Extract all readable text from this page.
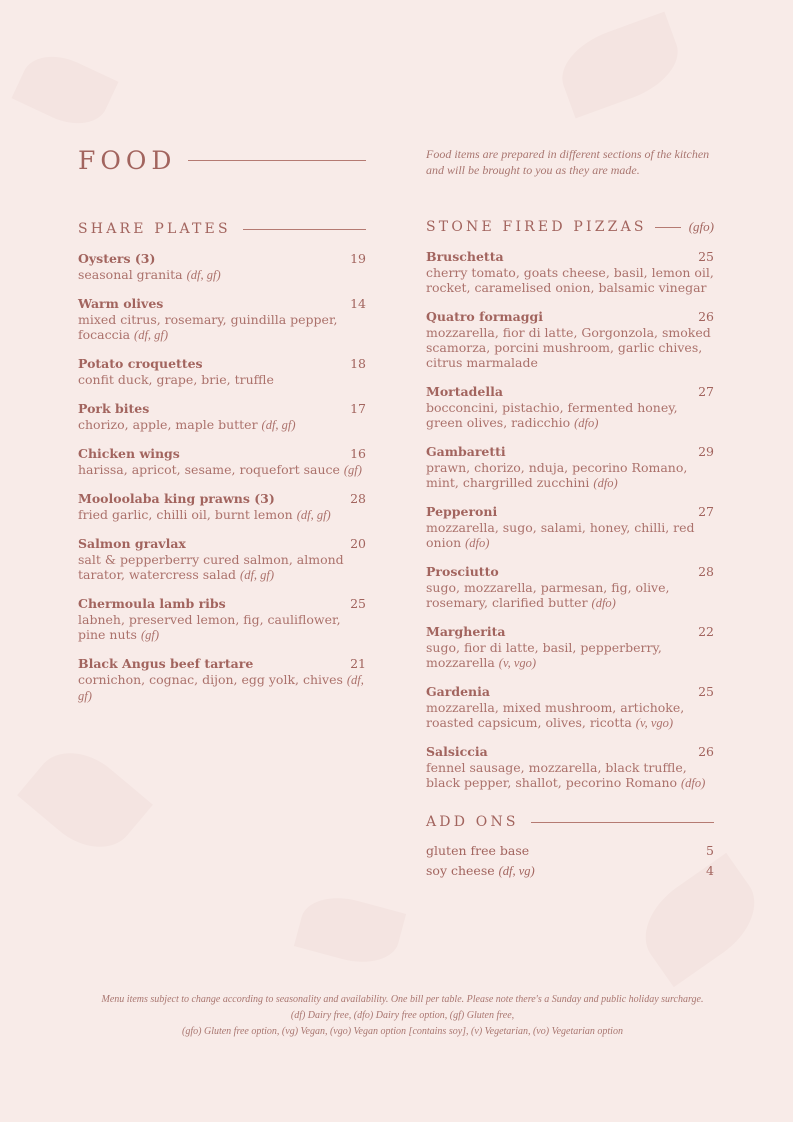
FOOD
SHARE PLATES
Oysters (3)	19
seasonal granita (df, gf)
Warm olives	14
mixed citrus, rosemary, guindilla pepper, focaccia (df, gf)
Potato croquettes	18
confit duck, grape, brie, truffle
Pork bites	17
chorizo, apple, maple butter (df, gf)
Chicken wings	16
harissa, apricot, sesame, roquefort sauce (gf)
Mooloolaba king prawns (3)	28
fried garlic, chilli oil, burnt lemon (df, gf)
Salmon gravlax	20
salt & pepperberry cured salmon, almond tarator, watercress salad (df, gf)
Chermoula lamb ribs	25
labneh, preserved lemon, fig, cauliflower, pine nuts (gf)
Black Angus beef tartare	21
cornichon, cognac, dijon, egg yolk, chives (df, gf)

Food items are prepared in different sections of the kitchen and will be brought to you as they are made.

STONE FIRED PIZZAS	(gfo)
Bruschetta	25
cherry tomato, goats cheese, basil, lemon oil, rocket, caramelised onion, balsamic vinegar
Quatro formaggi	26
mozzarella, fior di latte, Gorgonzola, smoked scamorza, porcini mushroom, garlic chives, citrus marmalade
Mortadella	27
bocconcini, pistachio, fermented honey, green olives, radicchio (dfo)
Gambaretti	29
prawn, chorizo, nduja, pecorino Romano, mint, chargrilled zucchini (dfo)
Pepperoni	27
mozzarella, sugo, salami, honey, chilli, red onion (dfo)
Prosciutto	28
sugo, mozzarella, parmesan, fig, olive, rosemary, clarified butter (dfo)
Margherita	22
sugo, fior di latte, basil, pepperberry, mozzarella (v, vgo)
Gardenia	25
mozzarella, mixed mushroom, artichoke, roasted capsicum, olives, ricotta (v, vgo)
Salsiccia	26
fennel sausage, mozzarella, black truffle, black pepper, shallot, pecorino Romano (dfo)
ADD ONS
gluten free base	5
soy cheese (df, vg)	4

Menu items subject to change according to seasonality and availability. One bill per table. Please note there's a Sunday and public holiday surcharge.

(df) Dairy free, (dfo) Dairy free option, (gf) Gluten free,

(gfo) Gluten free option, (vg) Vegan, (vgo) Vegan option [contains soy], (v) Vegetarian, (vo) Vegetarian option
